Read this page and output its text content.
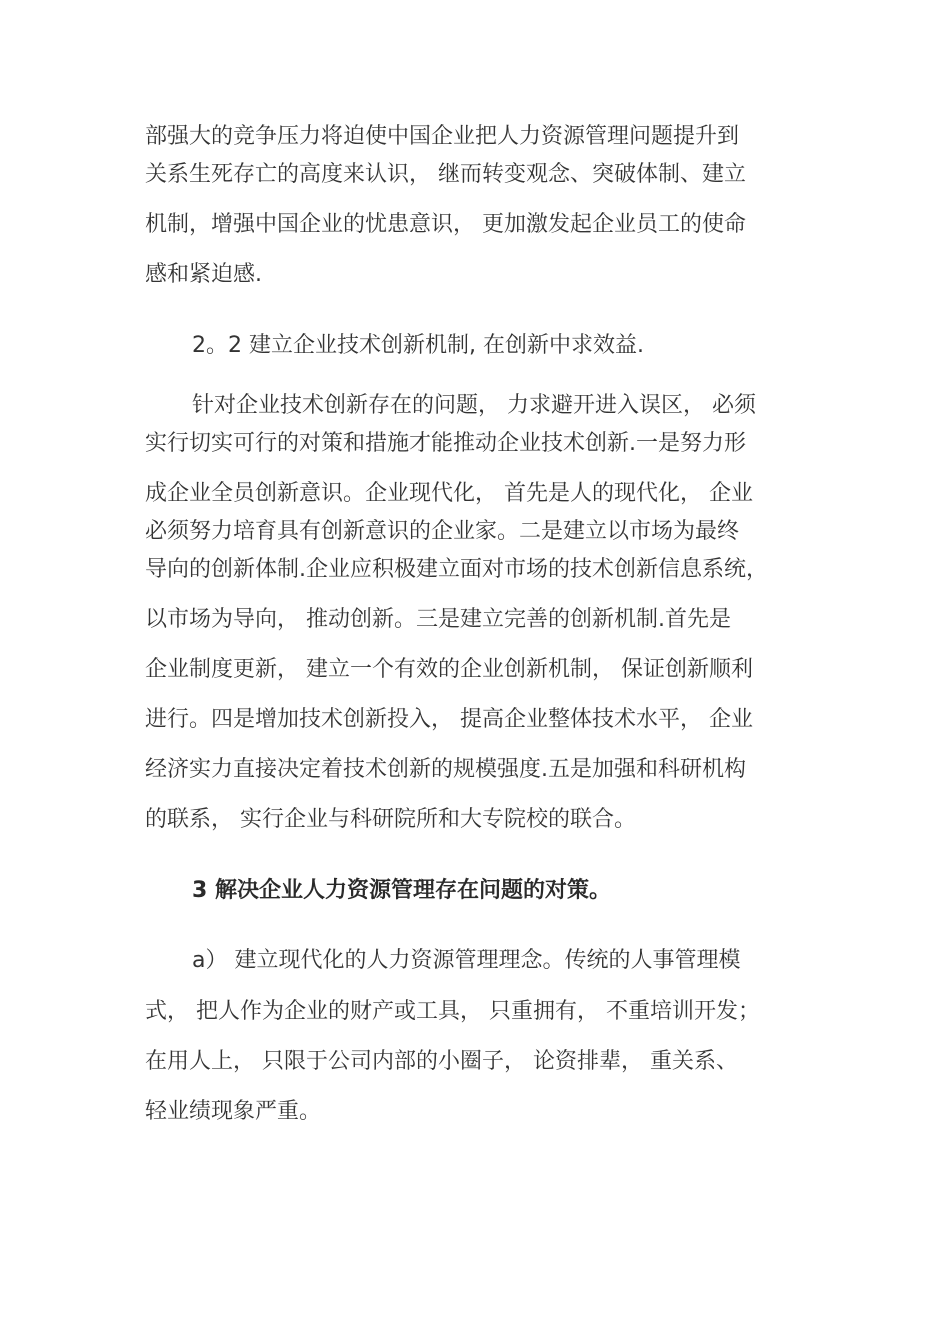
部强大的竞争压力将迫使中国企业把人力资源管理问题提升到
关系生死存亡的高度来认识， 继而转变观念、突破体制、建立
机制，增强中国企业的忧患意识， 更加激发起企业员工的使命
感和紧迫感.
2。2 建立企业技术创新机制, 在创新中求效益.
针对企业技术创新存在的问题， 力求避开进入误区， 必须
实行切实可行的对策和措施才能推动企业技术创新.一是努力形
成企业全员创新意识。企业现代化， 首先是人的现代化， 企业
必须努力培育具有创新意识的企业家。二是建立以市场为最终
导向的创新体制.企业应积极建立面对市场的技术创新信息系统，
以市场为导向， 推动创新。三是建立完善的创新机制.首先是
企业制度更新， 建立一个有效的企业创新机制， 保证创新顺利
进行。四是增加技术创新投入， 提高企业整体技术水平， 企业
经济实力直接决定着技术创新的规模强度.五是加强和科研机构
的联系， 实行企业与科研院所和大专院校的联合。
3 解决企业人力资源管理存在问题的对策。
a） 建立现代化的人力资源管理理念。传统的人事管理模
式， 把人作为企业的财产或工具， 只重拥有， 不重培训开发；
在用人上， 只限于公司内部的小圈子， 论资排辈， 重关系、
轻业绩现象严重。
